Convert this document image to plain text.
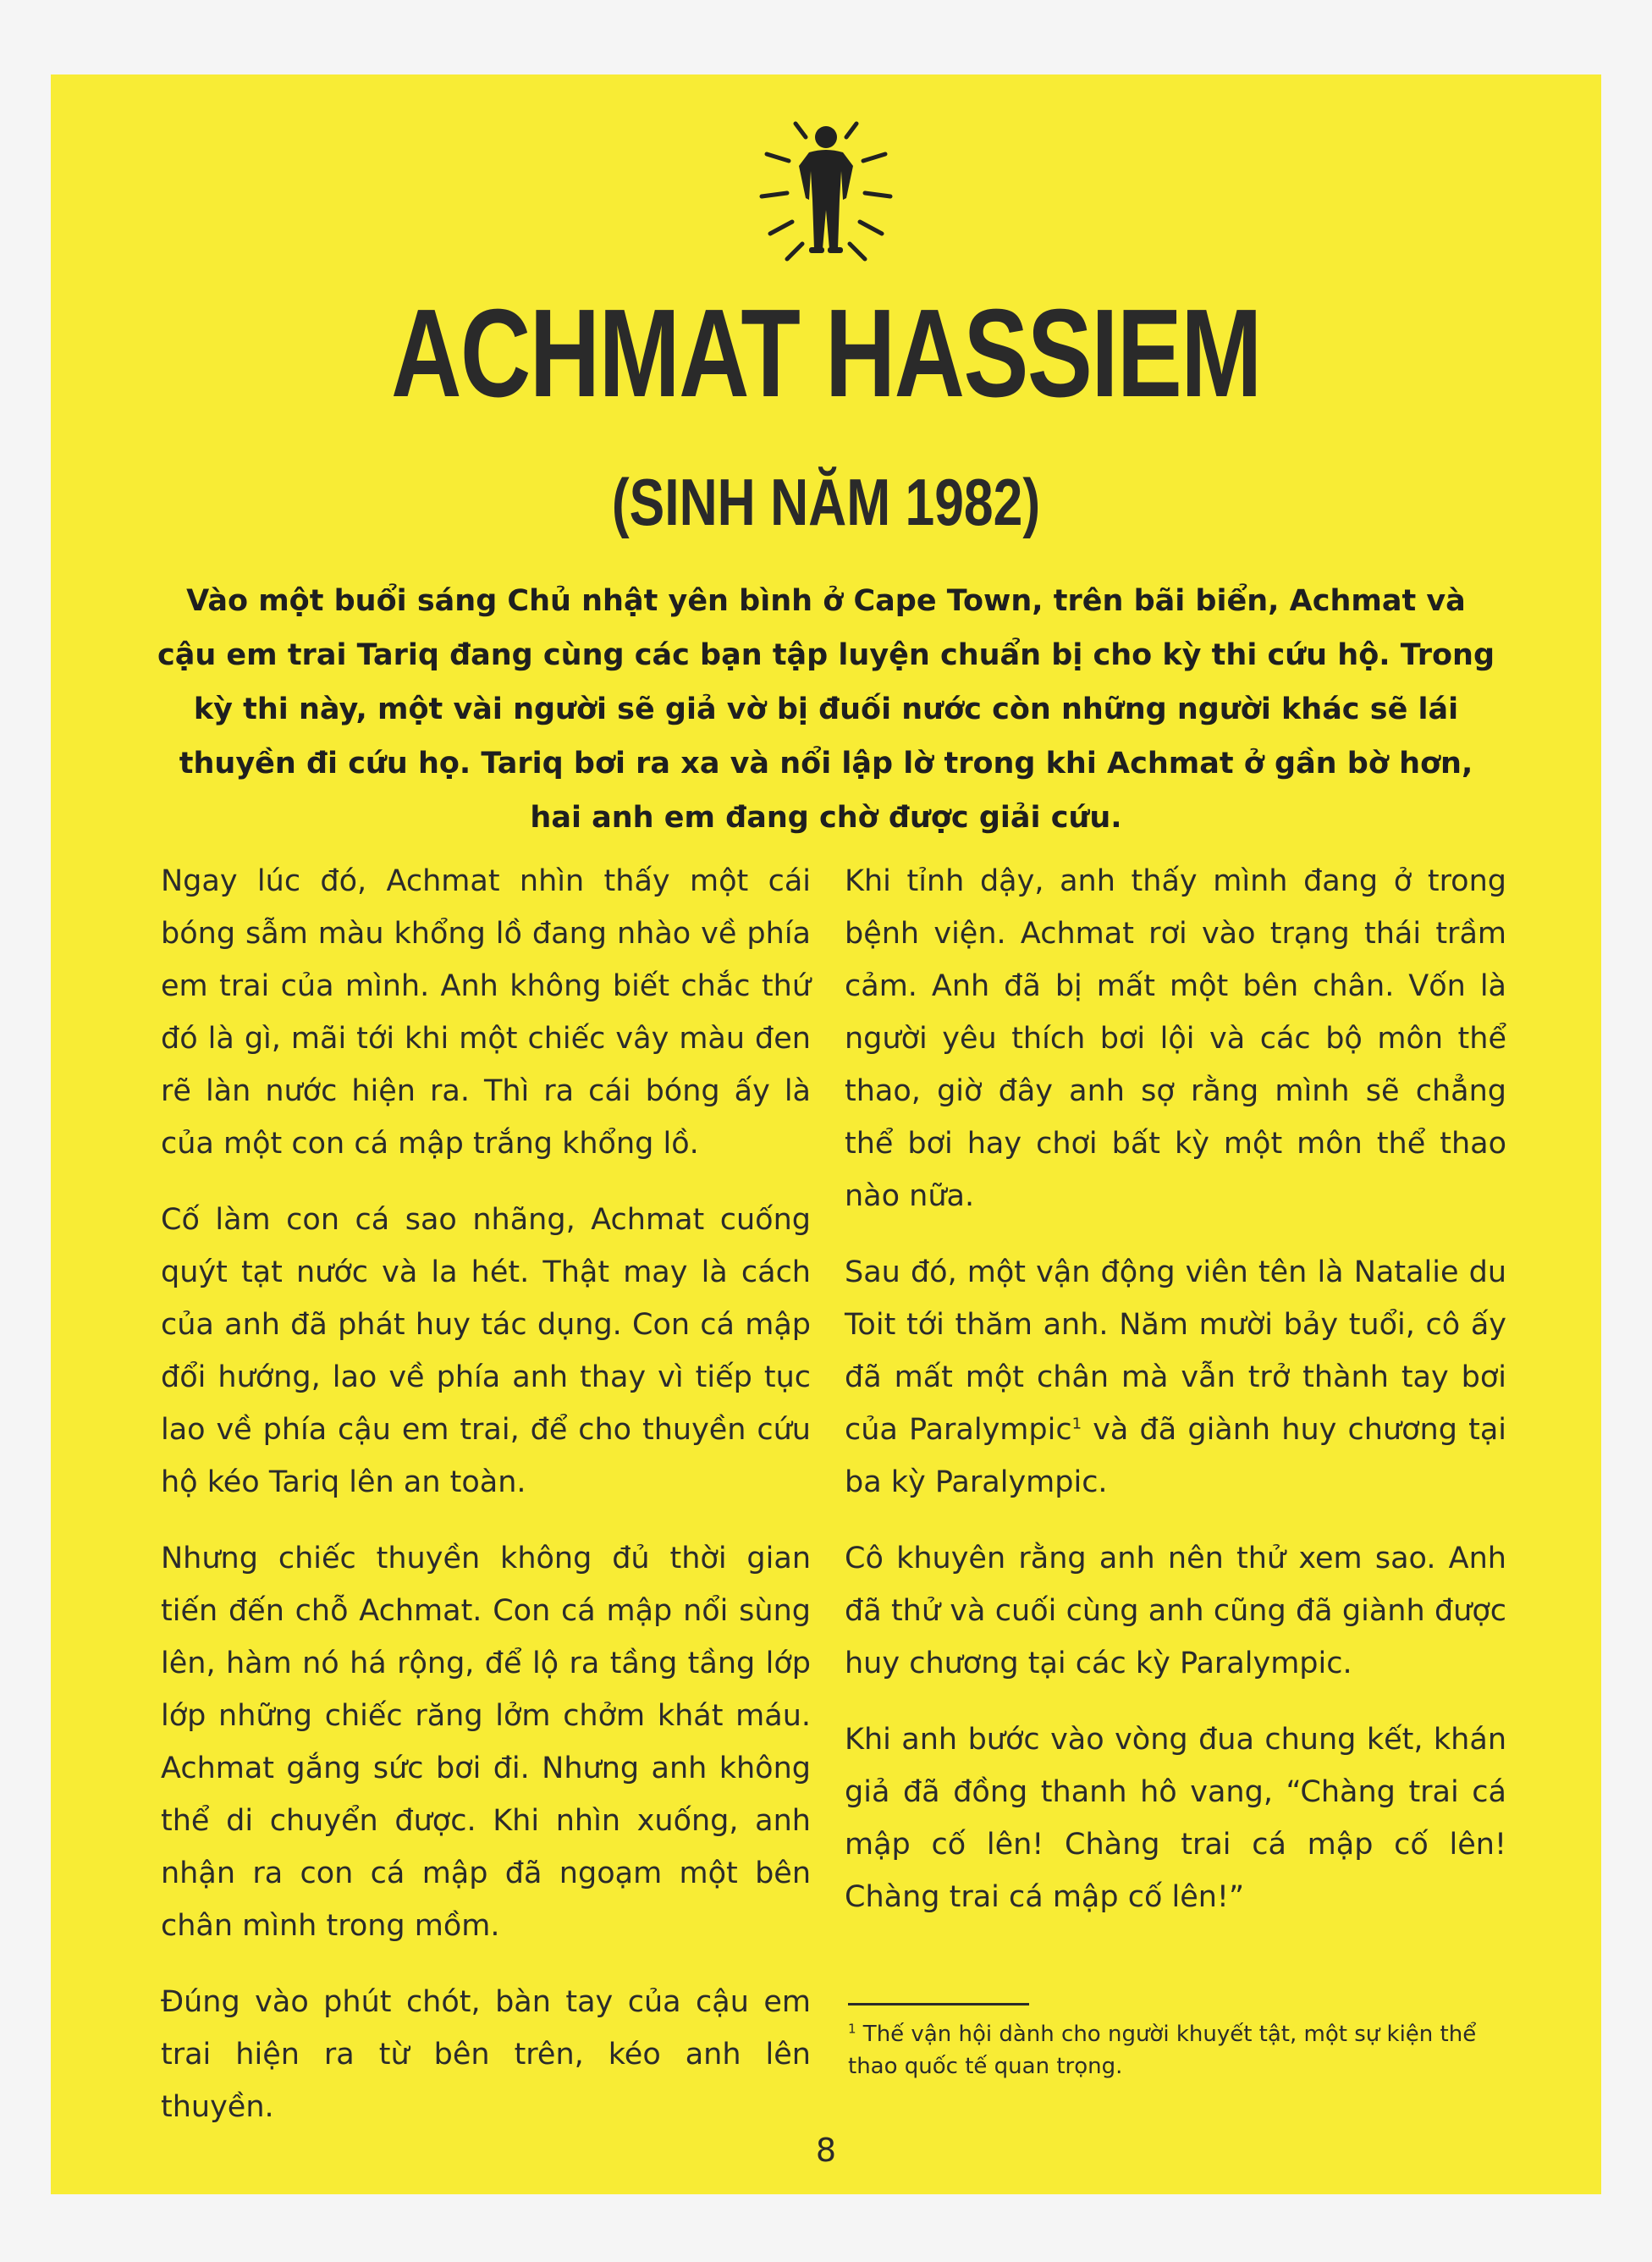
ACHMAT HASSIEM
(SINH NĂM 1982)

Vào một buổi sáng Chủ nhật yên bình ở Cape Town, trên bãi biển, Achmat và cậu em trai Tariq đang cùng các bạn tập luyện chuẩn bị cho kỳ thi cứu hộ. Trong kỳ thi này, một vài người sẽ giả vờ bị đuối nước còn những người khác sẽ lái thuyền đi cứu họ. Tariq bơi ra xa và nổi lập lờ trong khi Achmat ở gần bờ hơn, hai anh em đang chờ được giải cứu.

Ngay lúc đó, Achmat nhìn thấy một cái bóng sẫm màu khổng lồ đang nhào về phía em trai của mình. Anh không biết chắc thứ đó là gì, mãi tới khi một chiếc vây màu đen rẽ làn nước hiện ra. Thì ra cái bóng ấy là của một con cá mập trắng khổng lồ.

Cố làm con cá sao nhãng, Achmat cuống quýt tạt nước và la hét. Thật may là cách của anh đã phát huy tác dụng. Con cá mập đổi hướng, lao về phía anh thay vì tiếp tục lao về phía cậu em trai, để cho thuyền cứu hộ kéo Tariq lên an toàn.

Nhưng chiếc thuyền không đủ thời gian tiến đến chỗ Achmat. Con cá mập nổi sùng lên, hàm nó há rộng, để lộ ra tầng tầng lớp lớp những chiếc răng lởm chởm khát máu. Achmat gắng sức bơi đi. Nhưng anh không thể di chuyển được. Khi nhìn xuống, anh nhận ra con cá mập đã ngoạm một bên chân mình trong mồm.

Đúng vào phút chót, bàn tay của cậu em trai hiện ra từ bên trên, kéo anh lên thuyền.

Khi tỉnh dậy, anh thấy mình đang ở trong bệnh viện. Achmat rơi vào trạng thái trầm cảm. Anh đã bị mất một bên chân. Vốn là người yêu thích bơi lội và các bộ môn thể thao, giờ đây anh sợ rằng mình sẽ chẳng thể bơi hay chơi bất kỳ một môn thể thao nào nữa.

Sau đó, một vận động viên tên là Natalie du Toit tới thăm anh. Năm mười bảy tuổi, cô ấy đã mất một chân mà vẫn trở thành tay bơi của Paralympic$^1$ và đã giành huy chương tại ba kỳ Paralympic.

Cô khuyên rằng anh nên thử xem sao. Anh đã thử và cuối cùng anh cũng đã giành được huy chương tại các kỳ Paralympic.

Khi anh bước vào vòng đua chung kết, khán giả đã đồng thanh hô vang, “Chàng trai cá mập cố lên! Chàng trai cá mập cố lên! Chàng trai cá mập cố lên!”

$^1$ Thế vận hội dành cho người khuyết tật, một sự kiện thể thao quốc tế quan trọng.

8
